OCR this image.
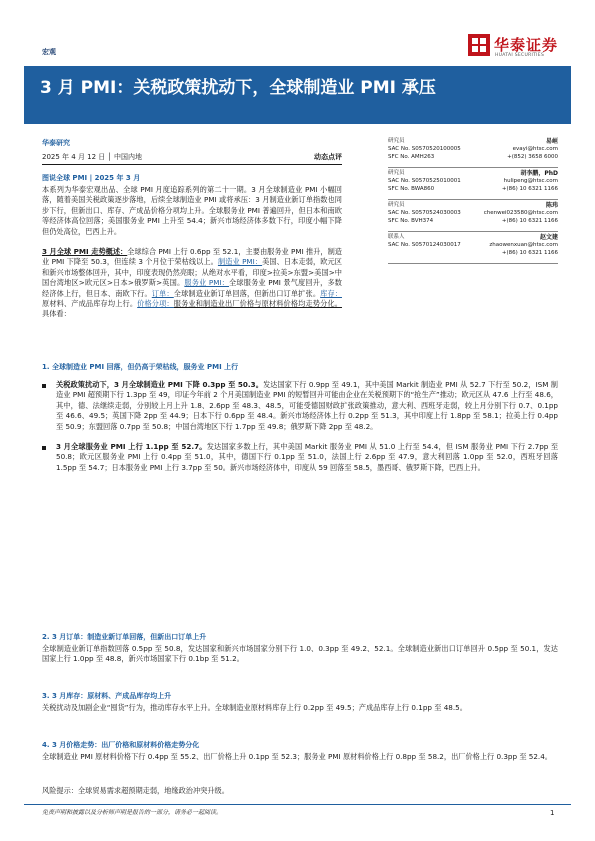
宏观	华泰证券
HUATAI SECURITIES
3 月 PMI：关税政策扰动下，全球制造业 PMI 承压
华泰研究
2025 年 4 月 12 日 │ 中国内地	动态点评
图说全球 PMI | 2025 年 3 月
本系列为华泰宏观出品、全球 PMI 月度追踪系列的第二十一期。3 月全球制造业 PMI 小幅回落，随着美国关税政策逐步落地，后续全球制造业 PMI 或将承压：3 月制造业新订单指数也同步下行，但新出口、库存、产成品价格分项均上升。全球服务业 PMI 普遍回升，但日本和南欧等经济体高位回落；美国服务业 PMI 上升至 54.4；新兴市场经济体多数下行，印度小幅下降但仍处高位，巴西上升。
3 月全球 PMI 走势概述：全球综合 PMI 上行 0.6pp 至 52.1，主要由服务业 PMI 推升，制造业 PMI 下降至 50.3，但连续 3 个月位于荣枯线以上。制造业 PMI：美国、日本走弱，欧元区和新兴市场整体回升，其中，印度表现仍然亮眼；从绝对水平看，印度>拉美>东盟>美国>中国台湾地区>欧元区>日本>俄罗斯>英国。服务业 PMI：全球服务业 PMI 景气度回升，多数经济体上行，但日本、南欧下行。订单：全球制造业新订单回落，但新出口订单扩张。库存：原材料、产成品库存均上行。价格分项：服务业和制造业出厂价格与原材料价格均走势分化。具体看：
研究员	易峘
SAC No. S0570520100005	evayi@htsc.com
SFC No. AMH263	+(852) 3658 6000
研究员	胡李鹏，PhD
SAC No. S0570525010001	hulipeng@htsc.com
SFC No. BWA860	+(86) 10 6321 1166
研究员	陈玮
SAC No. S0570524030003	chenwei023580@htsc.com
SFC No. BVH374	+(86) 10 6321 1166
联系人	赵文建
SAC No. S0570124030017	zhaowenxuan@htsc.com
+(86) 10 6321 1166
1. 全球制造业 PMI 回落，但仍高于荣枯线，服务业 PMI 上行
关税政策扰动下，3 月全球制造业 PMI 下降 0.3pp 至 50.3。发达国家下行 0.9pp 至 49.1，其中美国 Markit 制造业 PMI 从 52.7 下行至 50.2，ISM 制造业 PMI 超预期下行 1.3pp 至 49，印证今年前 2 个月美国制造业 PMI 的短暂回升可能由企业在关税预期下的“抢生产”推动；欧元区从 47.6 上行至 48.6，其中，德、法继续走弱，分别较上月上升 1.8、2.6pp 至 48.3、48.5，可能受德国财政扩张政策推动，意大利、西班牙走弱，较上月分别下行 0.7、0.1pp 至 46.6、49.5；英国下降 2pp 至 44.9；日本下行 0.6pp 至 48.4。新兴市场经济体上行 0.2pp 至 51.3，其中印度上行 1.8pp 至 58.1；拉美上行 0.4pp 至 50.9；东盟回落 0.7pp 至 50.8；中国台湾地区下行 1.7pp 至 49.8；俄罗斯下降 2pp 至 48.2。
3 月全球服务业 PMI 上行 1.1pp 至 52.7。发达国家多数上行，其中美国 Markit 服务业 PMI 从 51.0 上行至 54.4，但 ISM 服务业 PMI 下行 2.7pp 至 50.8；欧元区服务业 PMI 上行 0.4pp 至 51.0，其中，德国下行 0.1pp 至 51.0，法国上行 2.6pp 至 47.9，意大利回落 1.0pp 至 52.0，西班牙回落 1.5pp 至 54.7；日本服务业 PMI 上行 3.7pp 至 50。新兴市场经济体中，印度从 59 回落至 58.5，墨西哥、俄罗斯下降，巴西上升。
2. 3 月订单：制造业新订单回落，但新出口订单上升
全球制造业新订单指数回落 0.5pp 至 50.8，发达国家和新兴市场国家分别下行 1.0、0.3pp 至 49.2、52.1。全球制造业新出口订单回升 0.5pp 至 50.1，发达国家上行 1.0pp 至 48.8，新兴市场国家下行 0.1bp 至 51.2。
3. 3 月库存：原材料、产成品库存均上升
关税扰动及加剧企业“囤货”行为，推动库存水平上升。全球制造业原材料库存上行 0.2pp 至 49.5；产成品库存上行 0.1pp 至 48.5。
4. 3 月价格走势：出厂价格和原材料价格走势分化
全球制造业 PMI 原材料价格下行 0.4pp 至 55.2、出厂价格上升 0.1pp 至 52.3；服务业 PMI 原材料价格上行 0.8pp 至 58.2，出厂价格上行 0.3pp 至 52.4。
风险提示：全球贸易需求超预期走弱，地缘政治冲突升级。
免责声明和披露以及分析师声明是报告的一部分，请务必一起阅读。	1
